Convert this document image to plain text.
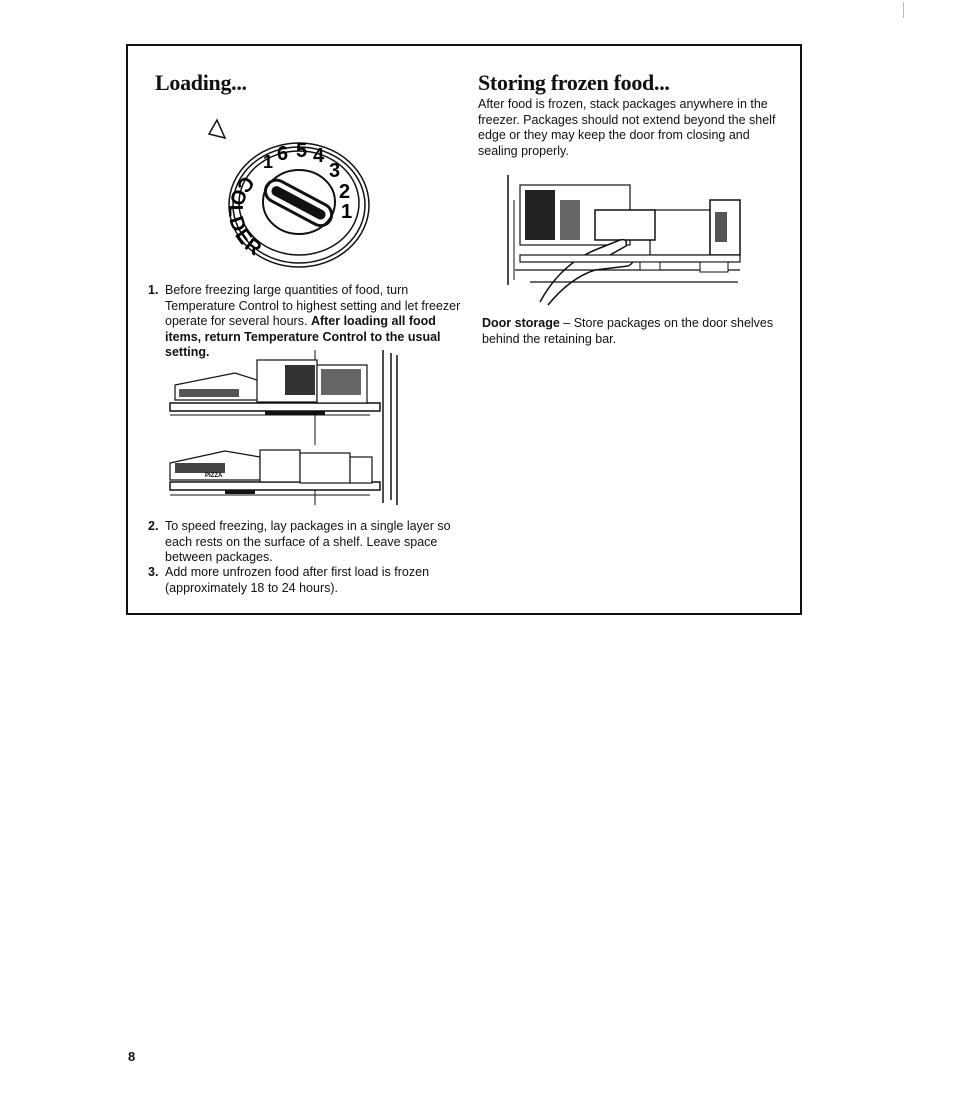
Loading...
1 6 5 4
3
2
1
COLDER
1. Before freezing large quantities of food, turn Temperature Control to highest setting and let freezer operate for several hours. After loading all food items, return Temperature Control to the usual setting.
PIZZA
2. To speed freezing, lay packages in a single layer so each rests on the surface of a shelf. Leave space between packages.
3. Add more unfrozen food after first load is frozen (approximately 18 to 24 hours).
Storing frozen food...

After food is frozen, stack packages anywhere in the freezer. Packages should not extend beyond the shelf edge or they may keep the door from closing and sealing properly.

Door storage – Store packages on the door shelves behind the retaining bar.

8
